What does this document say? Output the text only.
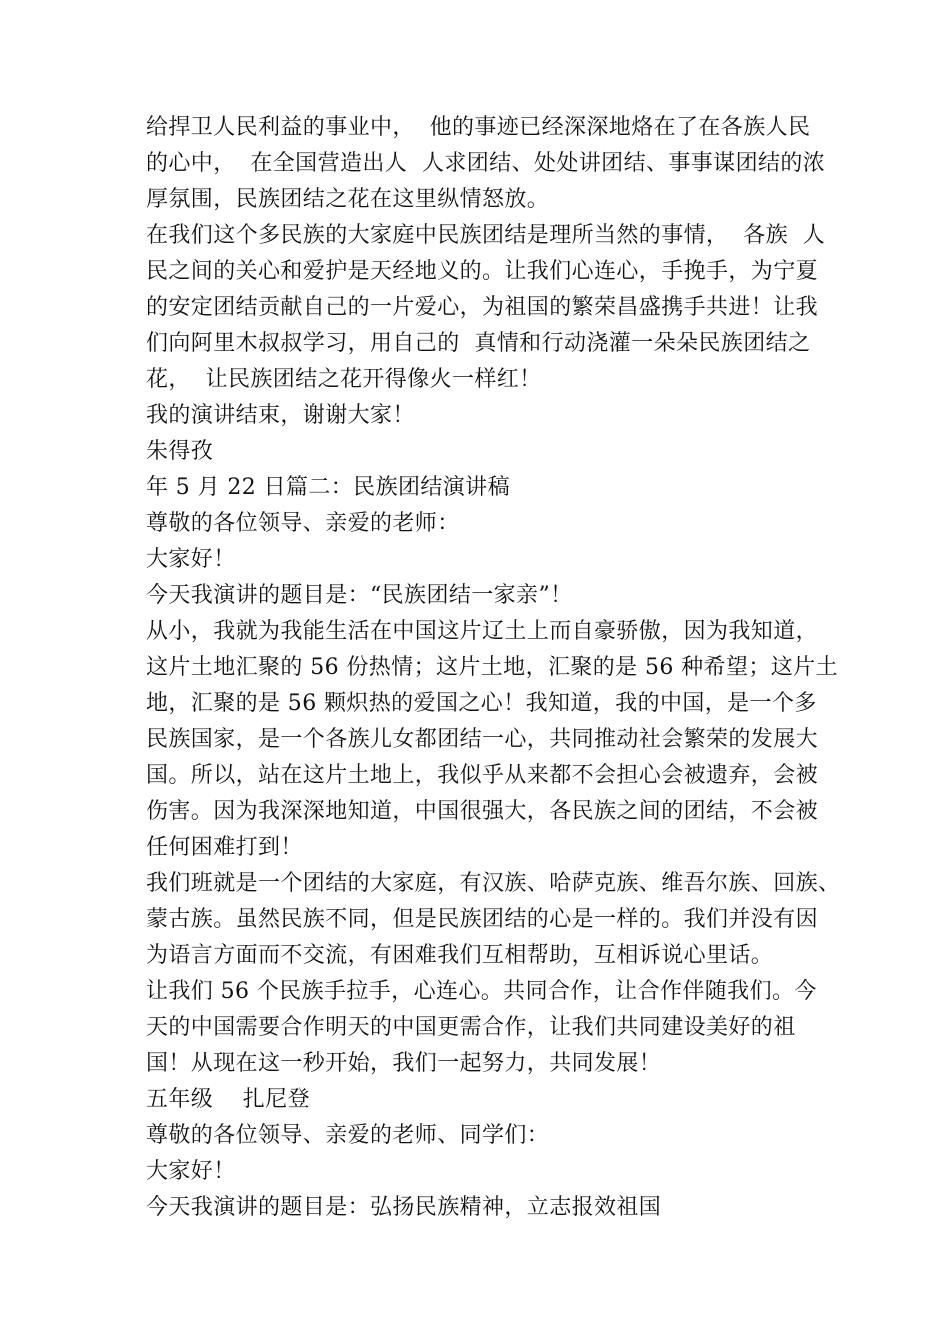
给捍卫人民利益的事业中，  他的事迹已经深深地烙在了在各族人民
的心中，  在全国营造出人  人求团结、处处讲团结、事事谋团结的浓
厚氛围，民族团结之花在这里纵情怒放。
在我们这个多民族的大家庭中民族团结是理所当然的事情，  各族  人
民之间的关心和爱护是天经地义的。让我们心连心，手挽手，为宁夏
的安定团结贡献自己的一片爱心，为祖国的繁荣昌盛携手共进！让我
们向阿里木叔叔学习，用自己的  真情和行动浇灌一朵朵民族团结之
花，  让民族团结之花开得像火一样红！
我的演讲结束，谢谢大家！
朱得孜
年 5 月 22 日篇二：民族团结演讲稿
尊敬的各位领导、亲爱的老师：
大家好！
今天我演讲的题目是：“民族团结一家亲”！
从小，我就为我能生活在中国这片辽土上而自豪骄傲，因为我知道，
这片土地汇聚的 56 份热情；这片土地，汇聚的是 56 种希望；这片土
地，汇聚的是 56 颗炽热的爱国之心！我知道，我的中国，是一个多
民族国家，是一个各族儿女都团结一心，共同推动社会繁荣的发展大
国。所以，站在这片土地上，我似乎从来都不会担心会被遗弃，会被
伤害。因为我深深地知道，中国很强大，各民族之间的团结，不会被
任何困难打到！
我们班就是一个团结的大家庭，有汉族、哈萨克族、维吾尔族、回族、
蒙古族。虽然民族不同，但是民族团结的心是一样的。我们并没有因
为语言方面而不交流，有困难我们互相帮助，互相诉说心里话。
让我们 56 个民族手拉手，心连心。共同合作，让合作伴随我们。今
天的中国需要合作明天的中国更需合作，让我们共同建设美好的祖
国！从现在这一秒开始，我们一起努力，共同发展！
五年级    扎尼登
尊敬的各位领导、亲爱的老师、同学们：
大家好！
今天我演讲的题目是：弘扬民族精神，立志报效祖国
